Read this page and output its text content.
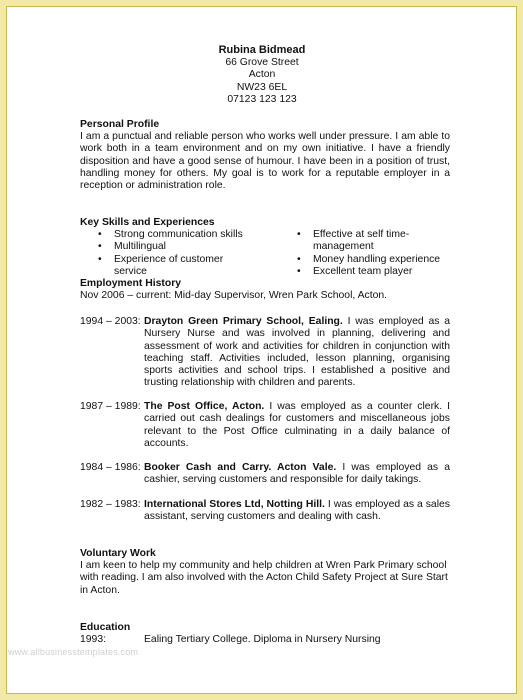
Rubina Bidmead
66 Grove Street
Acton
NW23 6EL
07123 123 123
Personal Profile
I am a punctual and reliable person who works well under pressure. I am able to work both in a team environment and on my own initiative. I have a friendly disposition and have a good sense of humour. I have been in a position of trust, handling money for others. My goal is to work for a reputable employer in a reception or administration role.
Key Skills and Experiences
• Strong communication skills
• Multilingual
• Experience of customer service
• Effective at self time-management
• Money handling experience
• Excellent team player
Employment History
Nov 2006 – current: Mid-day Supervisor, Wren Park School, Acton.
1994 – 2003: Drayton Green Primary School, Ealing. I was employed as a Nursery Nurse and was involved in planning, delivering and assessment of work and activities for children in conjunction with teaching staff. Activities included, lesson planning, organising sports activities and school trips. I established a positive and trusting relationship with children and parents.
1987 – 1989: The Post Office, Acton. I was employed as a counter clerk. I carried out cash dealings for customers and miscellaneous jobs relevant to the Post Office culminating in a daily balance of accounts.
1984 – 1986: Booker Cash and Carry. Acton Vale. I was employed as a cashier, serving customers and responsible for daily takings.
1982 – 1983: International Stores Ltd, Notting Hill. I was employed as a sales assistant, serving customers and dealing with cash.
Voluntary Work
I am keen to help my community and help children at Wren Park Primary school with reading. I am also involved with the Acton Child Safety Project at Sure Start in Acton.
Education
1993:	Ealing Tertiary College. Diploma in Nursery Nursing
www.allbusinesstemplates.com
